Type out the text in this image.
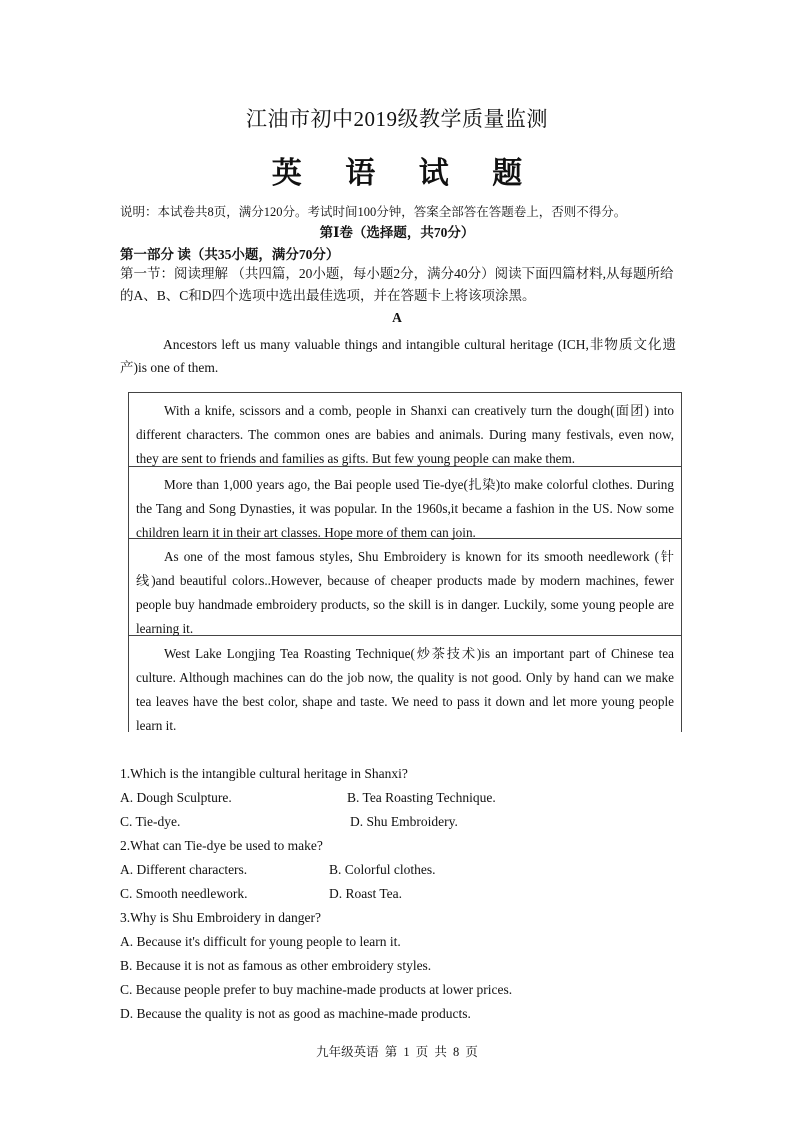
江油市初中2019级教学质量监测
英 语 试 题
说明：本试卷共8页，满分120分。考试时间100分钟，答案全部答在答题卷上，否则不得分。
第Ⅰ卷（选择题，共70分）
第一部分 读（共35小题，满分70分）
第一节：阅读理解 （共四篇，20小题，每小题2分，满分40分）阅读下面四篇材料,从每题所给的A、B、C和D四个选项中选出最佳选项，并在答题卡上将该项涂黑。
A
Ancestors left us many valuable things and intangible cultural heritage (ICH,非物质文化遗产)is one of them.
With a knife, scissors and a comb, people in Shanxi can creatively turn the dough(面团) into different characters. The common ones are babies and animals. During many festivals, even now, they are sent to friends and families as gifts. But few young people can make them.
More than 1,000 years ago, the Bai people used Tie-dye(扎染)to make colorful clothes. During the Tang and Song Dynasties, it was popular. In the 1960s,it became a fashion in the US. Now some children learn it in their art classes. Hope more of them can join.
As one of the most famous styles, Shu Embroidery is known for its smooth needlework (针线)and beautiful colors..However, because of cheaper products made by modern machines, fewer people buy handmade embroidery products, so the skill is in danger. Luckily, some young people are learning it.
West Lake Longjing Tea Roasting Technique(炒茶技术)is an important part of Chinese tea culture. Although machines can do the job now, the quality is not good. Only by hand can we make tea leaves have the best color, shape and taste. We need to pass it down and let more young people learn it.
1.Which is the intangible cultural heritage in Shanxi?
A. Dough Sculpture.	B. Tea Roasting Technique.
C. Tie-dye.	D. Shu Embroidery.
2.What can Tie-dye be used to make?
A. Different characters.	B. Colorful clothes.
C. Smooth needlework.	D. Roast Tea.
3.Why is Shu Embroidery in danger?
A. Because it's difficult for young people to learn it.
B. Because it is not as famous as other embroidery styles.
C. Because people prefer to buy machine-made products at lower prices.
D. Because the quality is not as good as machine-made products.
九年级英语 第 1 页 共 8 页
